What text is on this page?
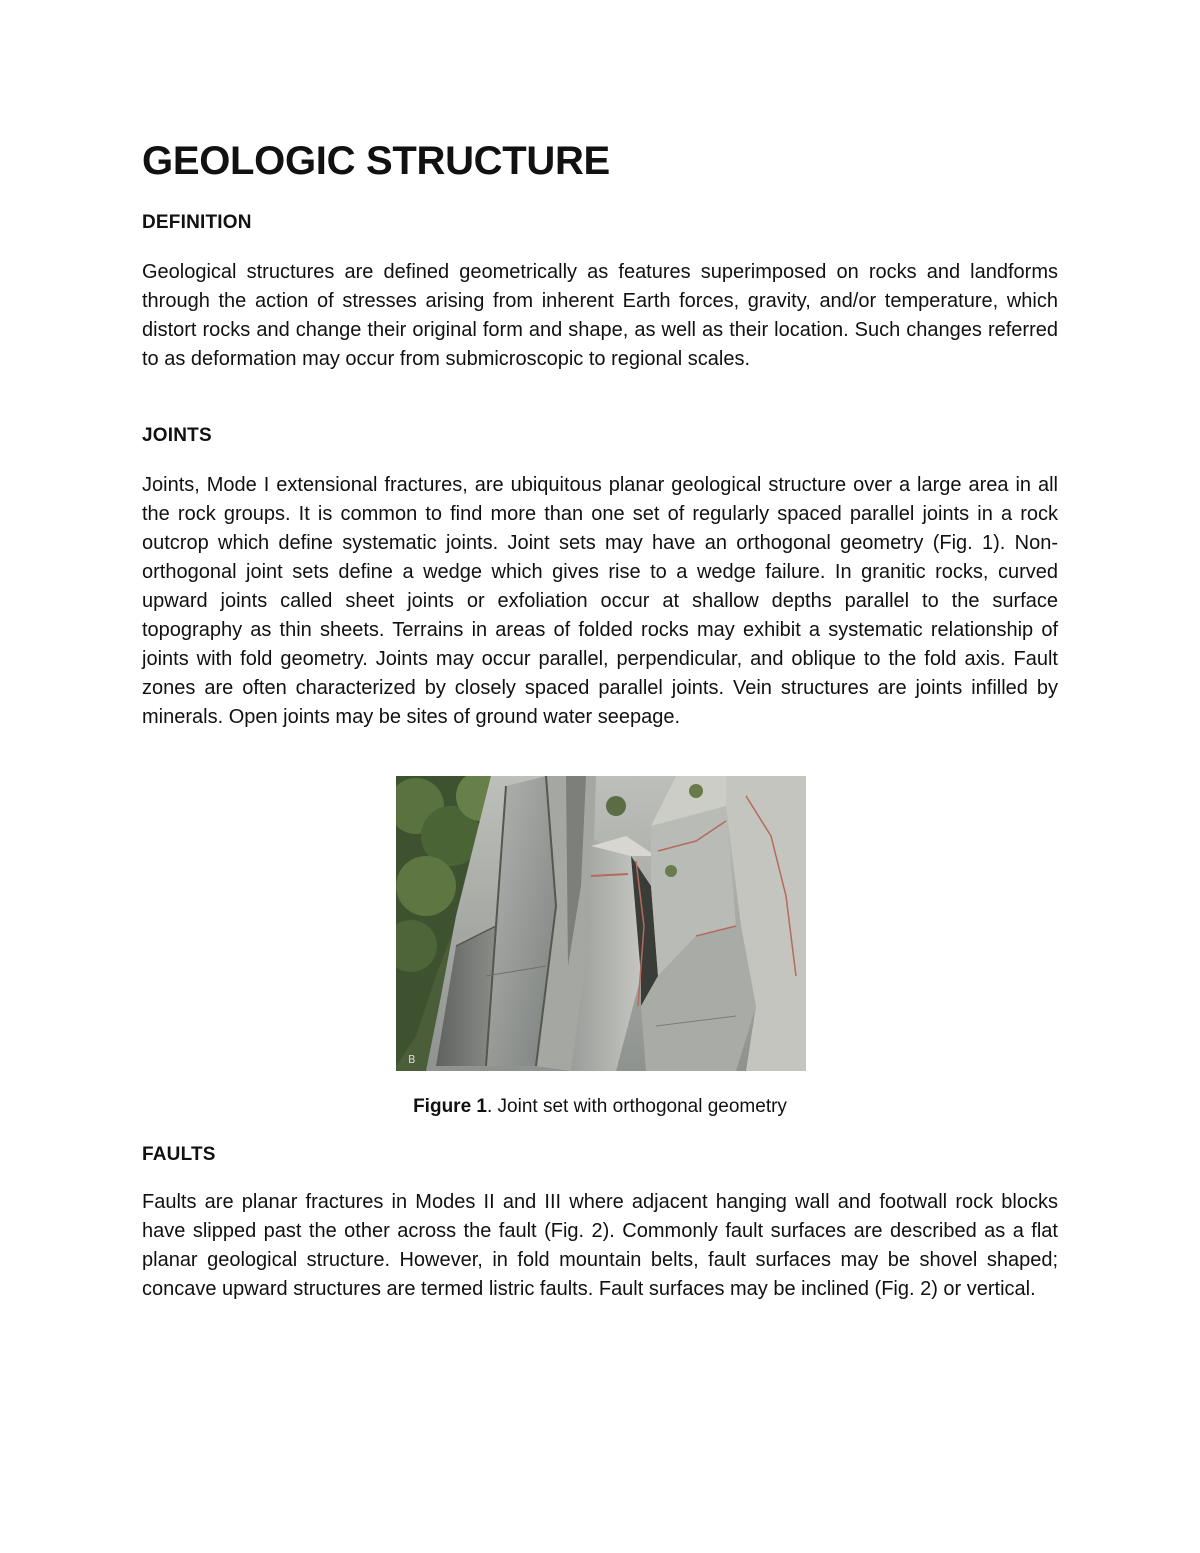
GEOLOGIC STRUCTURE
DEFINITION

Geological structures are defined geometrically as features superimposed on rocks and landforms through the action of stresses arising from inherent Earth forces, gravity, and/or temperature, which distort rocks and change their original form and shape, as well as their location. Such changes referred to as deformation may occur from submicroscopic to regional scales.

JOINTS

Joints, Mode I extensional fractures, are ubiquitous planar geological structure over a large area in all the rock groups. It is common to find more than one set of regularly spaced parallel joints in a rock outcrop which define systematic joints. Joint sets may have an orthogonal geometry (Fig. 1). Non-orthogonal joint sets define a wedge which gives rise to a wedge failure. In granitic rocks, curved upward joints called sheet joints or exfoliation occur at shallow depths parallel to the surface topography as thin sheets. Terrains in areas of folded rocks may exhibit a systematic relationship of joints with fold geometry. Joints may occur parallel, perpendicular, and oblique to the fold axis. Fault zones are often characterized by closely spaced parallel joints. Vein structures are joints infilled by minerals. Open joints may be sites of ground water seepage.

B

Figure 1. Joint set with orthogonal geometry

FAULTS

Faults are planar fractures in Modes II and III where adjacent hanging wall and footwall rock blocks have slipped past the other across the fault (Fig. 2). Commonly fault surfaces are described as a flat planar geological structure. However, in fold mountain belts, fault surfaces may be shovel shaped; concave upward structures are termed listric faults. Fault surfaces may be inclined (Fig. 2) or vertical.
